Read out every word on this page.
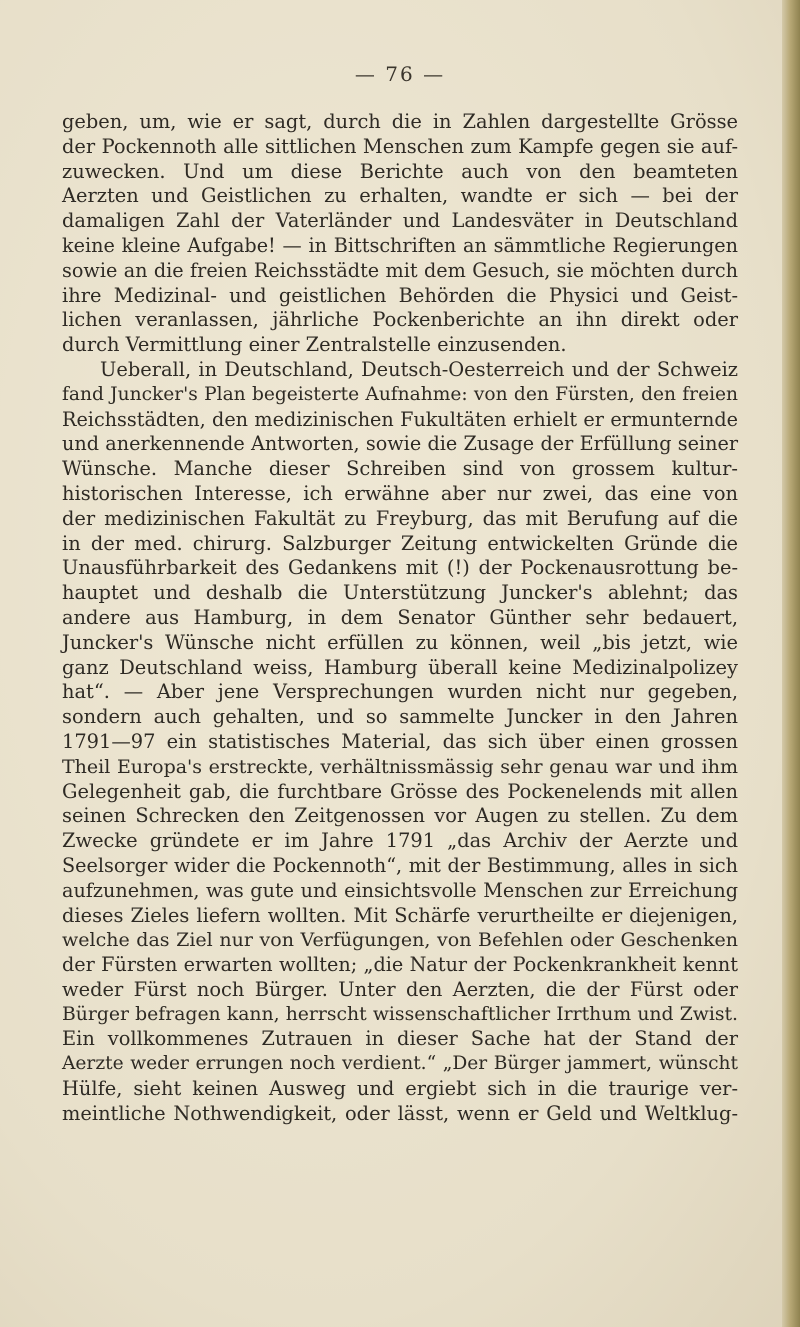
— 76 —
geben, um, wie er sagt, durch die in Zahlen dargestellte Grösse
der Pockennoth alle sittlichen Menschen zum Kampfe gegen sie auf-
zuwecken. Und um diese Berichte auch von den beamteten
Aerzten und Geistlichen zu erhalten, wandte er sich — bei der
damaligen Zahl der Vaterländer und Landesväter in Deutschland
keine kleine Aufgabe! — in Bittschriften an sämmtliche Regierungen
sowie an die freien Reichsstädte mit dem Gesuch, sie möchten durch
ihre Medizinal- und geistlichen Behörden die Physici und Geist-
lichen veranlassen, jährliche Pockenberichte an ihn direkt oder
durch Vermittlung einer Zentralstelle einzusenden.
Ueberall, in Deutschland, Deutsch-Oesterreich und der Schweiz
fand Juncker's Plan begeisterte Aufnahme: von den Fürsten, den freien
Reichsstädten, den medizinischen Fukultäten erhielt er ermunternde
und anerkennende Antworten, sowie die Zusage der Erfüllung seiner
Wünsche. Manche dieser Schreiben sind von grossem kultur-
historischen Interesse, ich erwähne aber nur zwei, das eine von
der medizinischen Fakultät zu Freyburg, das mit Berufung auf die
in der med. chirurg. Salzburger Zeitung entwickelten Gründe die
Unausführbarkeit des Gedankens mit (!) der Pockenausrottung be-
hauptet und deshalb die Unterstützung Juncker's ablehnt; das
andere aus Hamburg, in dem Senator Günther sehr bedauert,
Juncker's Wünsche nicht erfüllen zu können, weil „bis jetzt, wie
ganz Deutschland weiss, Hamburg überall keine Medizinalpolizey
hat“. — Aber jene Versprechungen wurden nicht nur gegeben,
sondern auch gehalten, und so sammelte Juncker in den Jahren
1791—97 ein statistisches Material, das sich über einen grossen
Theil Europa's erstreckte, verhältnissmässig sehr genau war und ihm
Gelegenheit gab, die furchtbare Grösse des Pockenelends mit allen
seinen Schrecken den Zeitgenossen vor Augen zu stellen. Zu dem
Zwecke gründete er im Jahre 1791 „das Archiv der Aerzte und
Seelsorger wider die Pockennoth“, mit der Bestimmung, alles in sich
aufzunehmen, was gute und einsichtsvolle Menschen zur Erreichung
dieses Zieles liefern wollten. Mit Schärfe verurtheilte er diejenigen,
welche das Ziel nur von Verfügungen, von Befehlen oder Geschenken
der Fürsten erwarten wollten; „die Natur der Pockenkrankheit kennt
weder Fürst noch Bürger. Unter den Aerzten, die der Fürst oder
Bürger befragen kann, herrscht wissenschaftlicher Irrthum und Zwist.
Ein vollkommenes Zutrauen in dieser Sache hat der Stand der
Aerzte weder errungen noch verdient.“ „Der Bürger jammert, wünscht
Hülfe, sieht keinen Ausweg und ergiebt sich in die traurige ver-
meintliche Nothwendigkeit, oder lässt, wenn er Geld und Weltklug-
